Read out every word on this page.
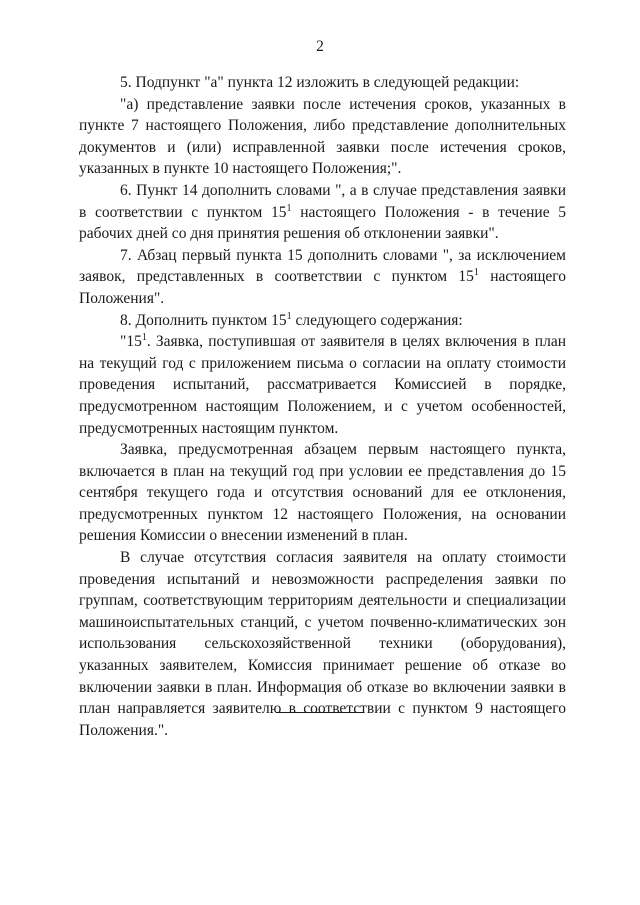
2

5. Подпункт "а" пункта 12 изложить в следующей редакции:

"а) представление заявки после истечения сроков, указанных в пункте 7 настоящего Положения, либо представление дополнительных документов и (или) исправленной заявки после истечения сроков, указанных в пункте 10 настоящего Положения;".

6. Пункт 14 дополнить словами ", а в случае представления заявки в соответствии с пунктом $15^1$ настоящего Положения - в течение 5 рабочих дней со дня принятия решения об отклонении заявки".

7. Абзац первый пункта 15 дополнить словами ", за исключением заявок, представленных в соответствии с пунктом $15^1$ настоящего Положения".

8. Дополнить пунктом $15^1$ следующего содержания:

"$15^1$. Заявка, поступившая от заявителя в целях включения в план на текущий год с приложением письма о согласии на оплату стоимости проведения испытаний, рассматривается Комиссией в порядке, предусмотренном настоящим Положением, и с учетом особенностей, предусмотренных настоящим пунктом.

Заявка, предусмотренная абзацем первым настоящего пункта, включается в план на текущий год при условии ее представления до 15 сентября текущего года и отсутствия оснований для ее отклонения, предусмотренных пунктом 12 настоящего Положения, на основании решения Комиссии о внесении изменений в план.

В случае отсутствия согласия заявителя на оплату стоимости проведения испытаний и невозможности распределения заявки по группам, соответствующим территориям деятельности и специализации машиноиспытательных станций, с учетом почвенно-климатических зон использования сельскохозяйственной техники (оборудования), указанных заявителем, Комиссия принимает решение об отказе во включении заявки в план. Информация об отказе во включении заявки в план направляется заявителю в соответствии с пунктом 9 настоящего Положения.".
